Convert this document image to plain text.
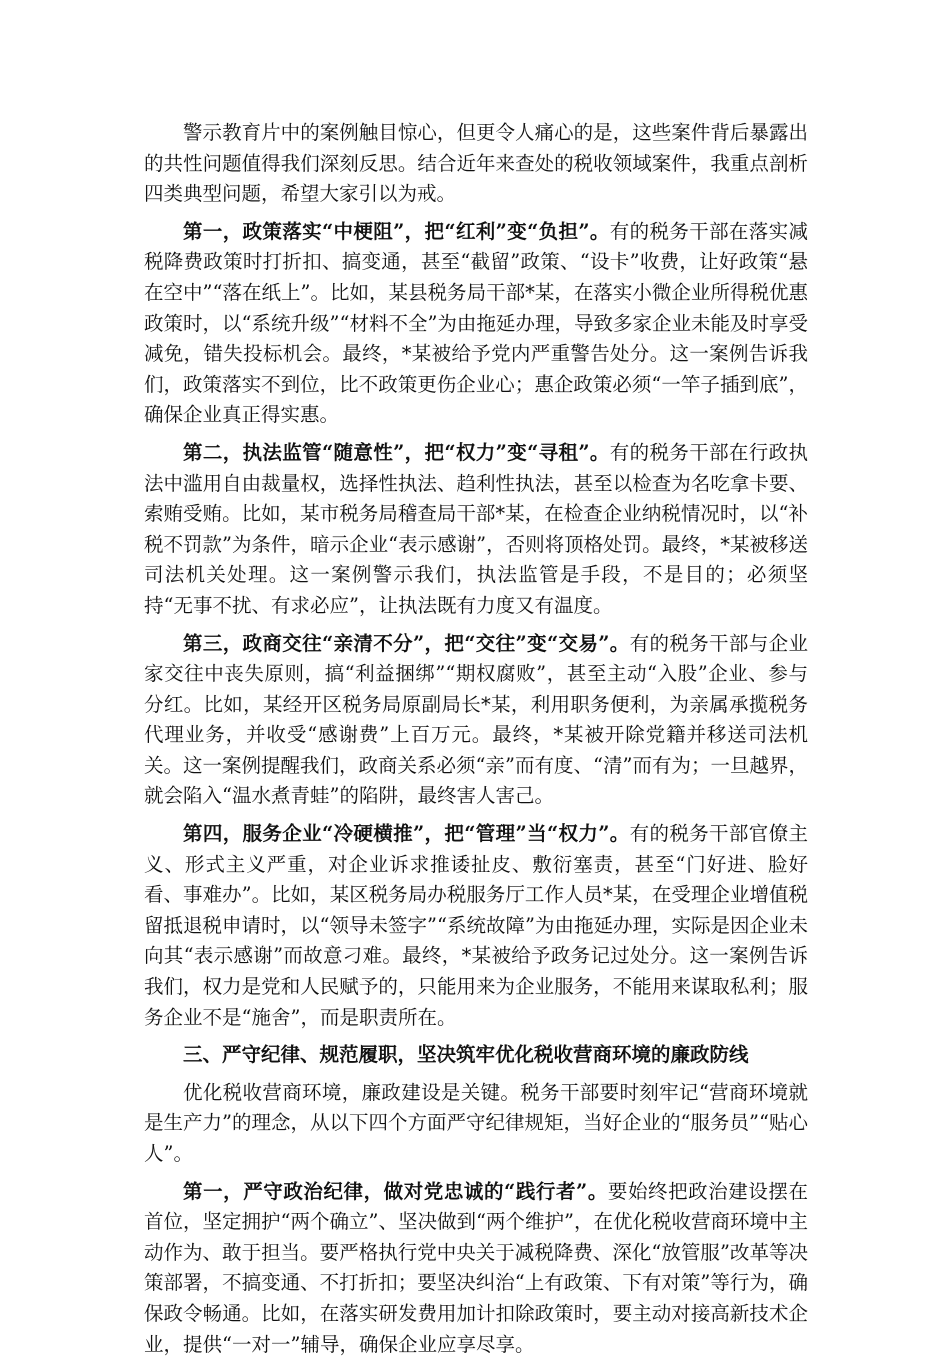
警示教育片中的案例触目惊心，但更令人痛心的是，这些案件背后暴露出的共性问题值得我们深刻反思。结合近年来查处的税收领域案件，我重点剖析四类典型问题，希望大家引以为戒。

第一，政策落实“中梗阻”，把“红利”变“负担”。有的税务干部在落实减税降费政策时打折扣、搞变通，甚至“截留”政策、“设卡”收费，让好政策“悬在空中”“落在纸上”。比如，某县税务局干部*某，在落实小微企业所得税优惠政策时，以“系统升级”“材料不全”为由拖延办理，导致多家企业未能及时享受减免，错失投标机会。最终，*某被给予党内严重警告处分。这一案例告诉我们，政策落实不到位，比不政策更伤企业心；惠企政策必须“一竿子插到底”，确保企业真正得实惠。

第二，执法监管“随意性”，把“权力”变“寻租”。有的税务干部在行政执法中滥用自由裁量权，选择性执法、趋利性执法，甚至以检查为名吃拿卡要、索贿受贿。比如，某市税务局稽查局干部*某，在检查企业纳税情况时，以“补税不罚款”为条件，暗示企业“表示感谢”，否则将顶格处罚。最终，*某被移送司法机关处理。这一案例警示我们，执法监管是手段，不是目的；必须坚持“无事不扰、有求必应”，让执法既有力度又有温度。

第三，政商交往“亲清不分”，把“交往”变“交易”。有的税务干部与企业家交往中丧失原则，搞“利益捆绑”“期权腐败”，甚至主动“入股”企业、参与分红。比如，某经开区税务局原副局长*某，利用职务便利，为亲属承揽税务代理业务，并收受“感谢费”上百万元。最终，*某被开除党籍并移送司法机关。这一案例提醒我们，政商关系必须“亲”而有度、“清”而有为；一旦越界，就会陷入“温水煮青蛙”的陷阱，最终害人害己。

第四，服务企业“冷硬横推”，把“管理”当“权力”。有的税务干部官僚主义、形式主义严重，对企业诉求推诿扯皮、敷衍塞责，甚至“门好进、脸好看、事难办”。比如，某区税务局办税服务厅工作人员*某，在受理企业增值税留抵退税申请时，以“领导未签字”“系统故障”为由拖延办理，实际是因企业未向其“表示感谢”而故意刁难。最终，*某被给予政务记过处分。这一案例告诉我们，权力是党和人民赋予的，只能用来为企业服务，不能用来谋取私利；服务企业不是“施舍”，而是职责所在。

三、严守纪律、规范履职，坚决筑牢优化税收营商环境的廉政防线

优化税收营商环境，廉政建设是关键。税务干部要时刻牢记“营商环境就是生产力”的理念，从以下四个方面严守纪律规矩，当好企业的“服务员”“贴心人”。

第一，严守政治纪律，做对党忠诚的“践行者”。要始终把政治建设摆在首位，坚定拥护“两个确立”、坚决做到“两个维护”，在优化税收营商环境中主动作为、敢于担当。要严格执行党中央关于减税降费、深化“放管服”改革等决策部署，不搞变通、不打折扣；要坚决纠治“上有政策、下有对策”等行为，确保政令畅通。比如，在落实研发费用加计扣除政策时，要主动对接高新技术企业，提供“一对一”辅导，确保企业应享尽享。
